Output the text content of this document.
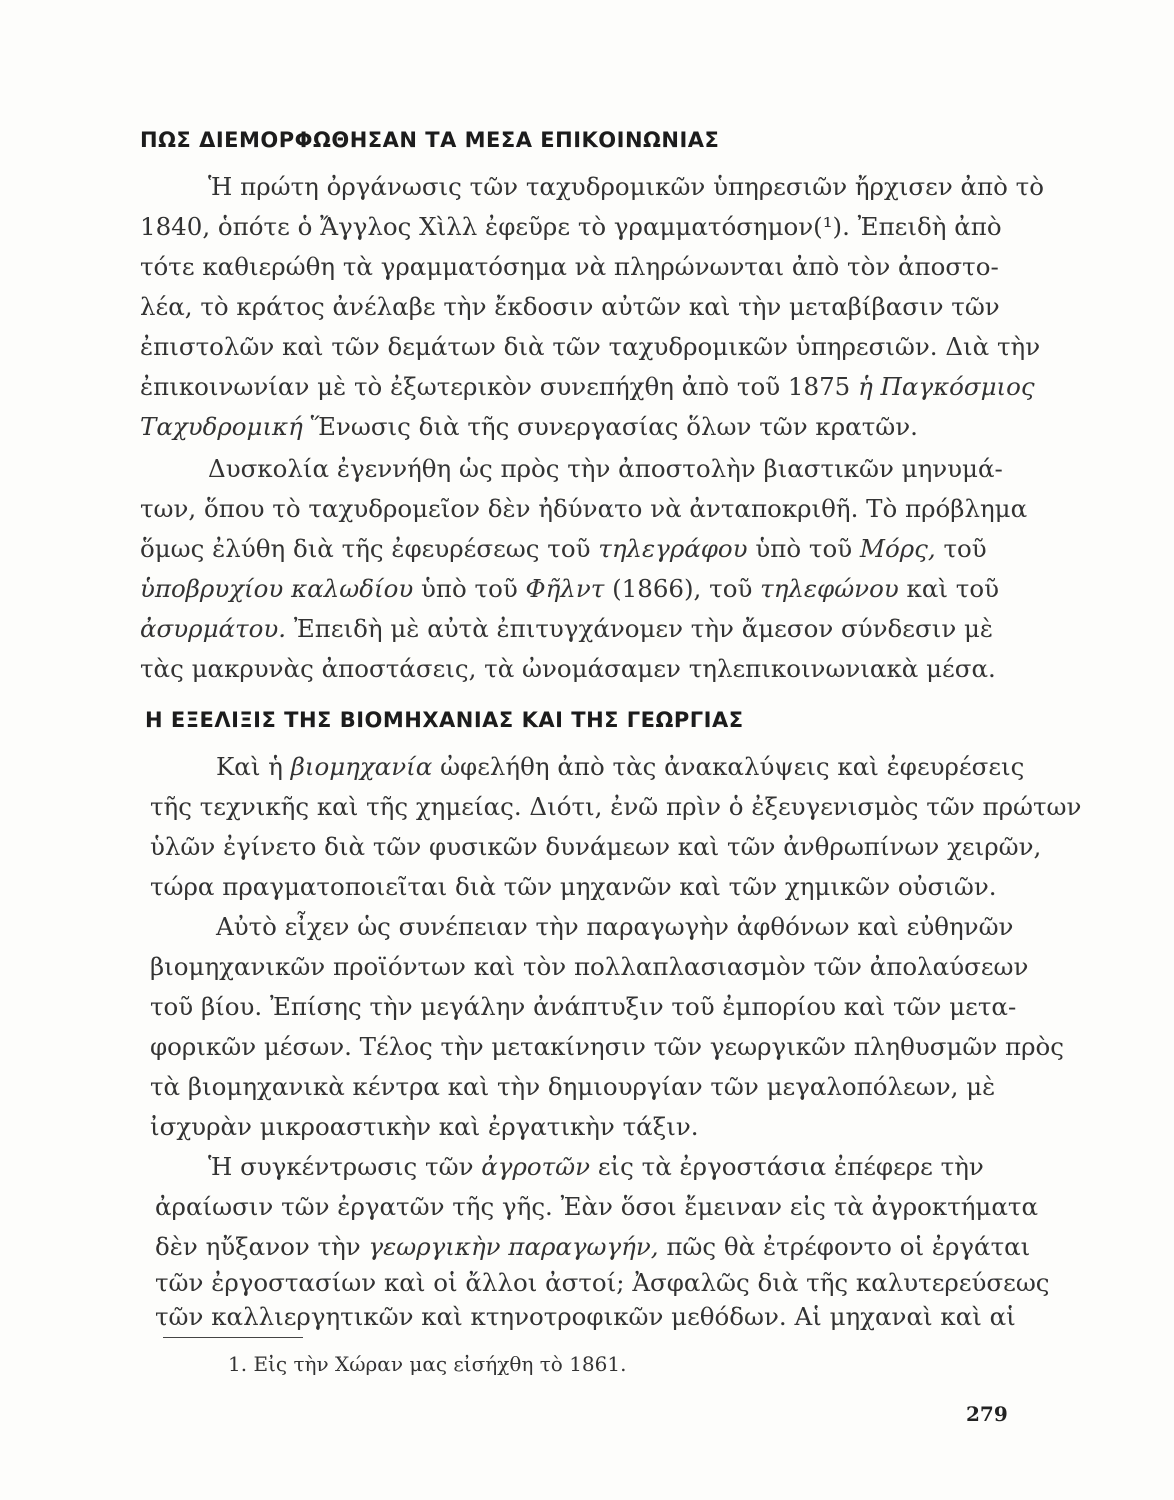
ΠΩΣ ΔΙΕΜΟΡΦΩΘΗΣΑΝ ΤΑ ΜΕΣΑ ΕΠΙΚΟΙΝΩΝΙΑΣ
Ἡ πρώτη ὀργάνωσις τῶν ταχυδρομικῶν ὑπηρεσιῶν ἤρχισεν ἀπὸ τὸ
1840, ὁπότε ὁ Ἄγγλος Χὶλλ ἐφεῦρε τὸ γραμματόσημον(¹). Ἐπειδὴ ἀπὸ
τότε καθιερώθη τὰ γραμματόσημα νὰ πληρώνωνται ἀπὸ τὸν ἀποστο-
λέα, τὸ κράτος ἀνέλαβε τὴν ἔκδοσιν αὐτῶν καὶ τὴν μεταβίβασιν τῶν
ἐπιστολῶν καὶ τῶν δεμάτων διὰ τῶν ταχυδρομικῶν ὑπηρεσιῶν. Διὰ τὴν
ἐπικοινωνίαν μὲ τὸ ἐξωτερικὸν συνεπήχθη ἀπὸ τοῦ 1875 ἡ Παγκόσμιος
Ταχυδρομική Ἕνωσις διὰ τῆς συνεργασίας ὅλων τῶν κρατῶν.
Δυσκολία ἐγεννήθη ὡς πρὸς τὴν ἀποστολὴν βιαστικῶν μηνυμά-
των, ὅπου τὸ ταχυδρομεῖον δὲν ἠδύνατο νὰ ἀνταποκριθῆ. Τὸ πρόβλημα
ὅμως ἐλύθη διὰ τῆς ἐφευρέσεως τοῦ τηλεγράφου ὑπὸ τοῦ Μόρς, τοῦ
ὑποβρυχίου καλωδίου ὑπὸ τοῦ Φῆλντ (1866), τοῦ τηλεφώνου καὶ τοῦ
ἀσυρμάτου. Ἐπειδὴ μὲ αὐτὰ ἐπιτυγχάνομεν τὴν ἄμεσον σύνδεσιν μὲ
τὰς μακρυνὰς ἀποστάσεις, τὰ ὠνομάσαμεν τηλεπικοινωνιακὰ μέσα.
Η ΕΞΕΛΙΞΙΣ ΤΗΣ ΒΙΟΜΗΧΑΝΙΑΣ ΚΑΙ ΤΗΣ ΓΕΩΡΓΙΑΣ
Καὶ ἡ βιομηχανία ὠφελήθη ἀπὸ τὰς ἀνακαλύψεις καὶ ἐφευρέσεις
τῆς τεχνικῆς καὶ τῆς χημείας. Διότι, ἐνῶ πρὶν ὁ ἐξευγενισμὸς τῶν πρώτων
ὑλῶν ἐγίνετο διὰ τῶν φυσικῶν δυνάμεων καὶ τῶν ἀνθρωπίνων χειρῶν,
τώρα πραγματοποιεῖται διὰ τῶν μηχανῶν καὶ τῶν χημικῶν οὐσιῶν.
Αὐτὸ εἶχεν ὡς συνέπειαν τὴν παραγωγὴν ἀφθόνων καὶ εὐθηνῶν
βιομηχανικῶν προϊόντων καὶ τὸν πολλαπλασιασμὸν τῶν ἀπολαύσεων
τοῦ βίου. Ἐπίσης τὴν μεγάλην ἀνάπτυξιν τοῦ ἐμπορίου καὶ τῶν μετα-
φορικῶν μέσων. Τέλος τὴν μετακίνησιν τῶν γεωργικῶν πληθυσμῶν πρὸς
τὰ βιομηχανικὰ κέντρα καὶ τὴν δημιουργίαν τῶν μεγαλοπόλεων, μὲ
ἰσχυρὰν μικροαστικὴν καὶ ἐργατικὴν τάξιν.
Ἡ συγκέντρωσις τῶν ἀγροτῶν εἰς τὰ ἐργοστάσια ἐπέφερε τὴν
ἀραίωσιν τῶν ἐργατῶν τῆς γῆς. Ἐὰν ὅσοι ἔμειναν εἰς τὰ ἀγροκτήματα
δὲν ηὔξανον τὴν γεωργικὴν παραγωγήν, πῶς θὰ ἐτρέφοντο οἱ ἐργάται
τῶν ἐργοστασίων καὶ οἱ ἄλλοι ἀστοί; Ἀσφαλῶς διὰ τῆς καλυτερεύσεως
τῶν καλλιεργητικῶν καὶ κτηνοτροφικῶν μεθόδων. Αἱ μηχαναὶ καὶ αἱ
1. Εἰς τὴν Χώραν μας εἰσήχθη τὸ 1861.
279
